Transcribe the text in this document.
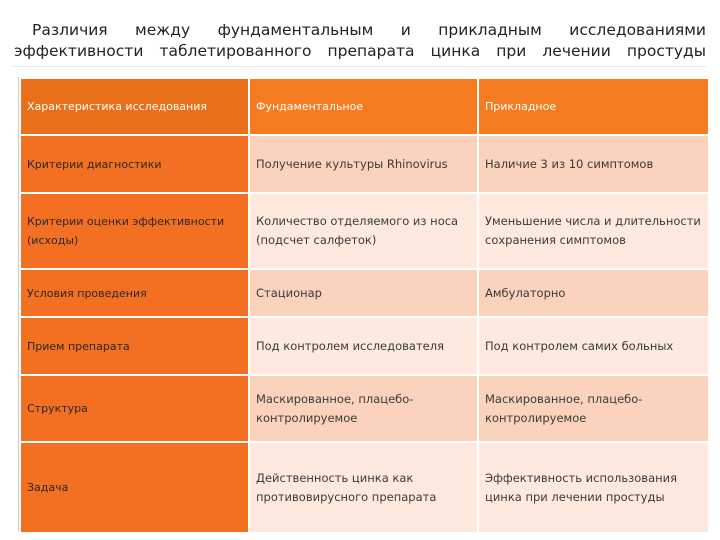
Различия между фундаментальным и прикладным исследованиями
эффективности таблетированного препарата цинка при лечении простуды
Характеристика исследования	Фундаментальное	Прикладное
Критерии диагностики	Получение культуры Rhinovirus	Наличие 3 из 10 симптомов
Критерии оценки эффективности (исходы)	Количество отделяемого из носа (подсчет салфеток)	Уменьшение числа и длительности сохранения симптомов
Условия проведения	Стационар	Амбулаторно
Прием препарата	Под контролем исследователя	Под контролем самих больных
Структура	Маскированное, плацебо-контролируемое	Маскированное, плацебо-контролируемое
Задача	Действенность цинка как противовирусного препарата	Эффективность использования цинка при лечении простуды
